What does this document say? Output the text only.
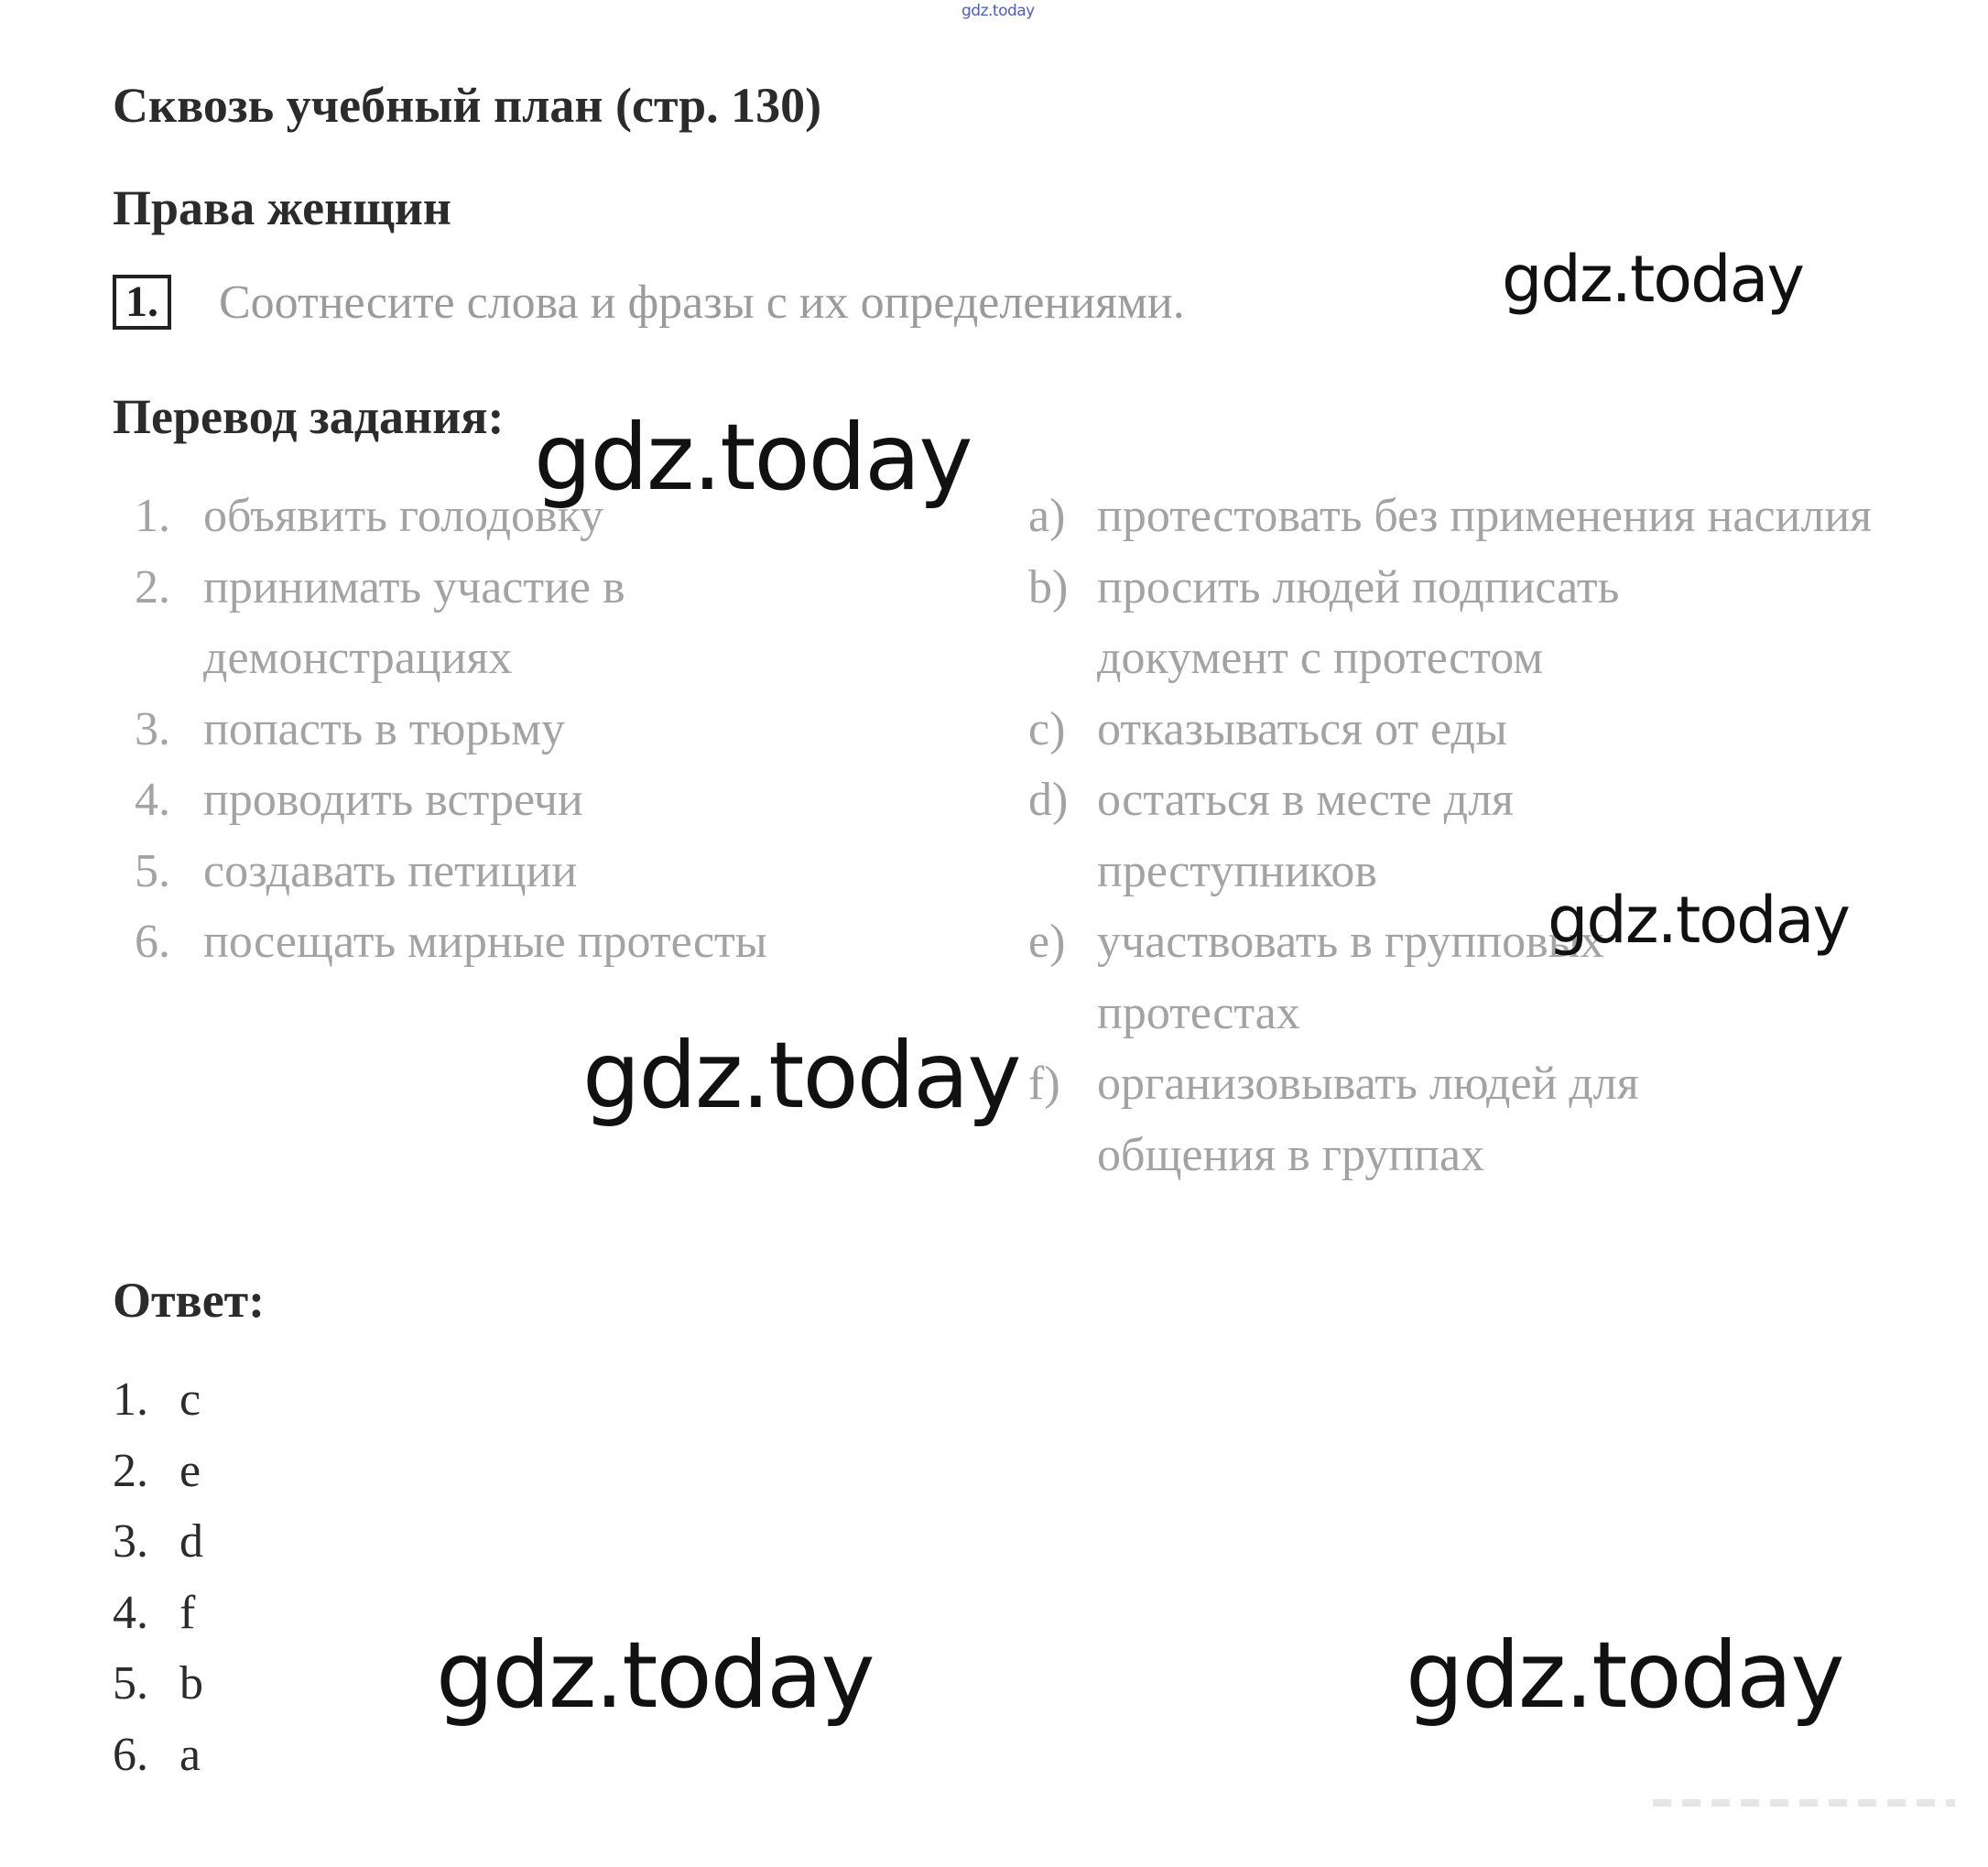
gdz.today
Сквозь учебный план (стр. 130)
Права женщин
1. Соотнесите слова и фразы с их определениями.
Перевод задания:
1. объявить голодовку
2. принимать участие в демонстрациях
3. попасть в тюрьму
4. проводить встречи
5. создавать петиции
6. посещать мирные протесты
a) протестовать без применения насилия
b) просить людей подписать документ с протестом
c) отказываться от еды
d) остаться в месте для преступников
e) участвовать в групповых протестах
f) организовывать людей для общения в группах
Ответ:
1. c
2. e
3. d
4. f
5. b
6. a
gdz.today
gdz.today
gdz.today
gdz.today
gdz.today	gdz.today
